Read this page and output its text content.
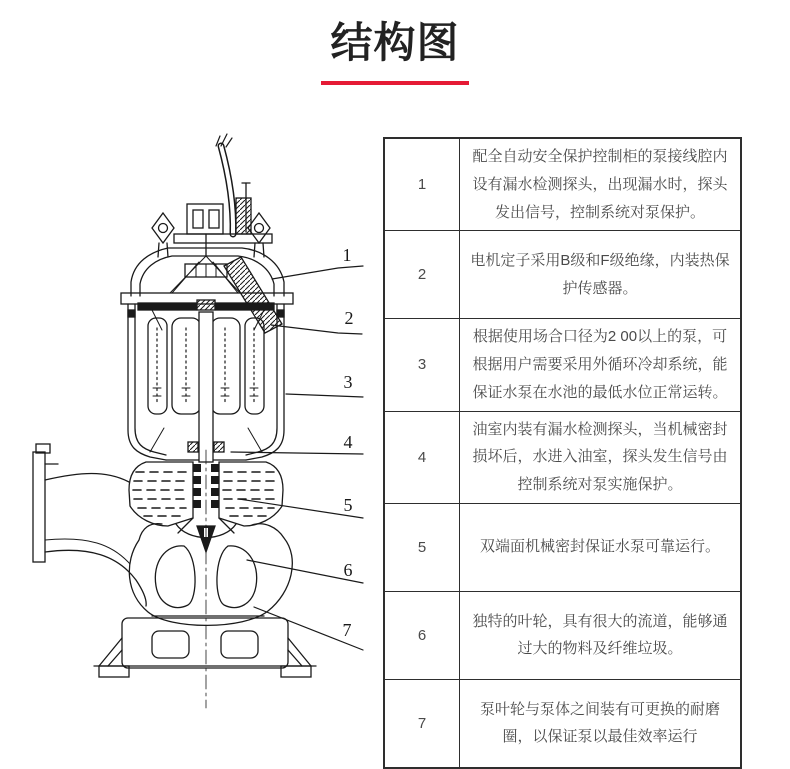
结构图
1
2
3
4
5
6
7
1	配全自动安全保护控制柜的泵接线腔内设有漏水检测探头，出现漏水时，探头发出信号，控制系统对泵保护。
2	电机定子采用B级和F级绝缘，内装热保护传感器。
3	根据使用场合口径为2 00以上的泵，可根据用户需要采用外循环冷却系统，能保证水泵在水池的最低水位正常运转。
4	油室内装有漏水检测探头，当机械密封损坏后，水进入油室，探头发生信号由控制系统对泵实施保护。
5	双端面机械密封保证水泵可靠运行。
6	独特的叶轮，具有很大的流道，能够通过大的物料及纤维垃圾。
7	泵叶轮与泵体之间装有可更换的耐磨圈，以保证泵以最佳效率运行
